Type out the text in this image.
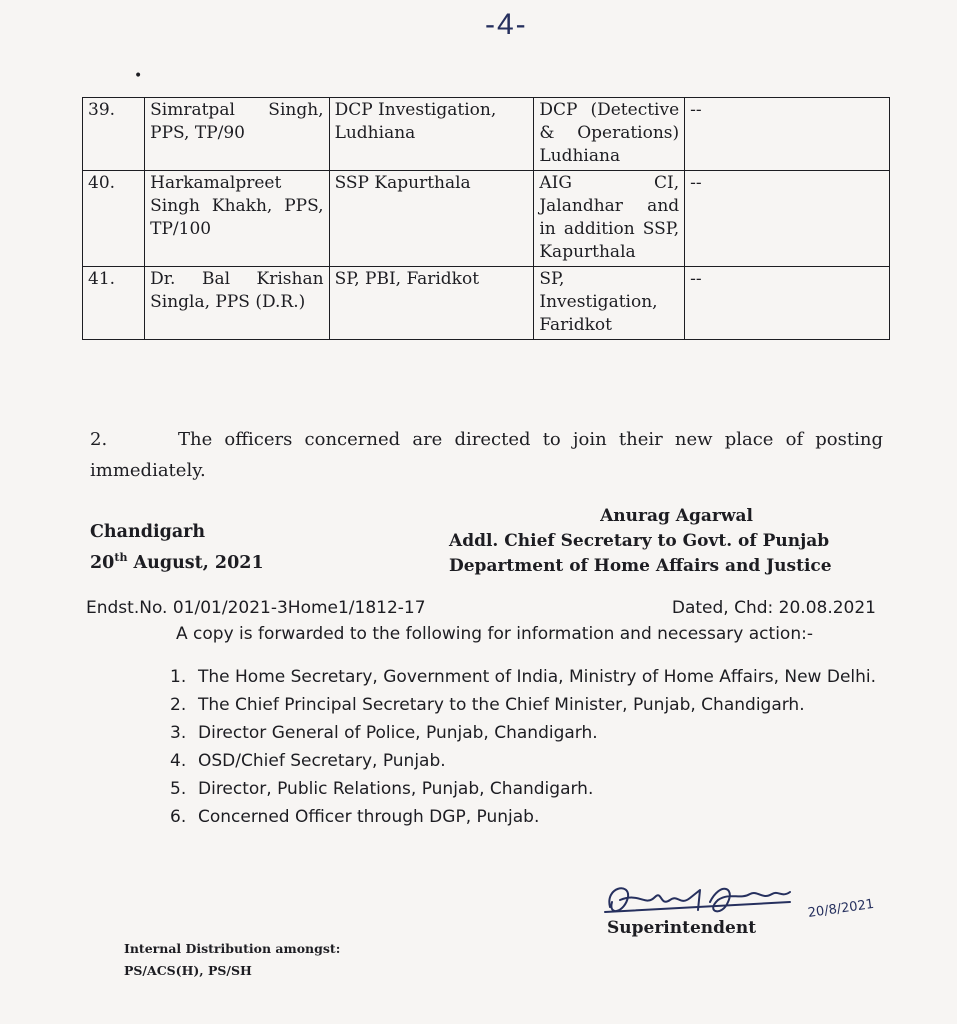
-4-
•
39.	Simratpal Singh, PPS, TP/90	DCP Investigation, Ludhiana	DCP (Detective & Operations) Ludhiana	--
40.	Harkamalpreet Singh Khakh, PPS, TP/100	SSP Kapurthala	AIG CI, Jalandhar and in addition SSP, Kapurthala	--
41.	Dr. Bal Krishan Singla, PPS (D.R.)	SP, PBI, Faridkot	SP, Investigation, Faridkot	--
2.	The officers concerned are directed to join their new place of posting immediately.
Chandigarh
20th August, 2021
Anurag Agarwal
Addl. Chief Secretary to Govt. of Punjab
Department of Home Affairs and Justice
Endst.No. 01/01/2021-3Home1/1812-17	Dated, Chd: 20.08.2021
A copy is forwarded to the following for information and necessary action:-
1. The Home Secretary, Government of India, Ministry of Home Affairs, New Delhi.
2. The Chief Principal Secretary to the Chief Minister, Punjab, Chandigarh.
3. Director General of Police, Punjab, Chandigarh.
4. OSD/Chief Secretary, Punjab.
5. Director, Public Relations, Punjab, Chandigarh.
6. Concerned Officer through DGP, Punjab.
20/8/2021
Superintendent
Internal Distribution amongst:
PS/ACS(H), PS/SH
